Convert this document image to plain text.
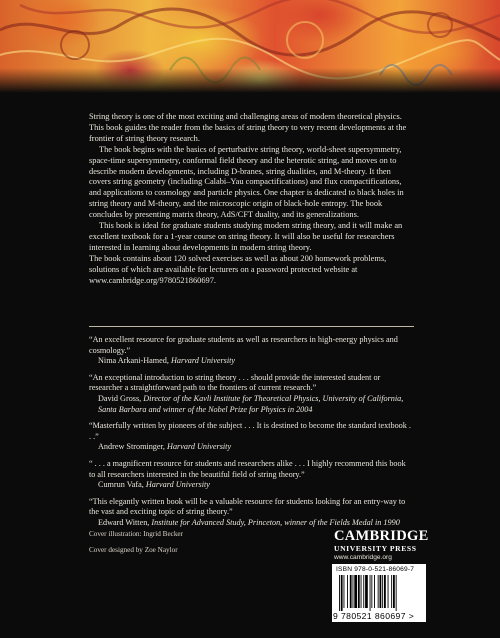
String theory is one of the most exciting and challenging areas of modern theoretical physics. This book guides the reader from the basics of string theory to very recent developments at the frontier of string theory research.

The book begins with the basics of perturbative string theory, world-sheet supersymmetry, space-time supersymmetry, conformal field theory and the heterotic string, and moves on to describe modern developments, including D-branes, string dualities, and M-theory. It then covers string geometry (including Calabi–Yau compactifications) and flux compactifications, and applications to cosmology and particle physics. One chapter is dedicated to black holes in string theory and M-theory, and the microscopic origin of black-hole entropy. The book concludes by presenting matrix theory, AdS/CFT duality, and its generalizations.

This book is ideal for graduate students studying modern string theory, and it will make an excellent textbook for a 1-year course on string theory. It will also be useful for researchers interested in learning about developments in modern string theory.

The book contains about 120 solved exercises as well as about 200 homework problems, solutions of which are available for lecturers on a password protected website at www.cambridge.org/9780521860697.

“An excellent resource for graduate students as well as researchers in high-energy physics and cosmology.”

Nima Arkani-Hamed, Harvard University

“An exceptional introduction to string theory . . . should provide the interested student or researcher a straightforward path to the frontiers of current research.”

David Gross, Director of the Kavli Institute for Theoretical Physics, University of California, Santa Barbara and winner of the Nobel Prize for Physics in 2004

“Masterfully written by pioneers of the subject . . . It is destined to become the standard textbook . . .”

Andrew Strominger, Harvard University

“ . . . a magnificent resource for students and researchers alike . . . I highly recommend this book to all researchers interested in the beautiful field of string theory.”

Cumrun Vafa, Harvard University

“This elegantly written book will be a valuable resource for students looking for an entry-way to the vast and exciting topic of string theory.”

Edward Witten, Institute for Advanced Study, Princeton, winner of the Fields Medal in 1990

Cover illustration: Ingrid Becker
Cover designed by Zoe Naylor
CAMBRIDGE
UNIVERSITY PRESS
www.cambridge.org
ISBN 978-0-521-86069-7
9 780521 860697 >
